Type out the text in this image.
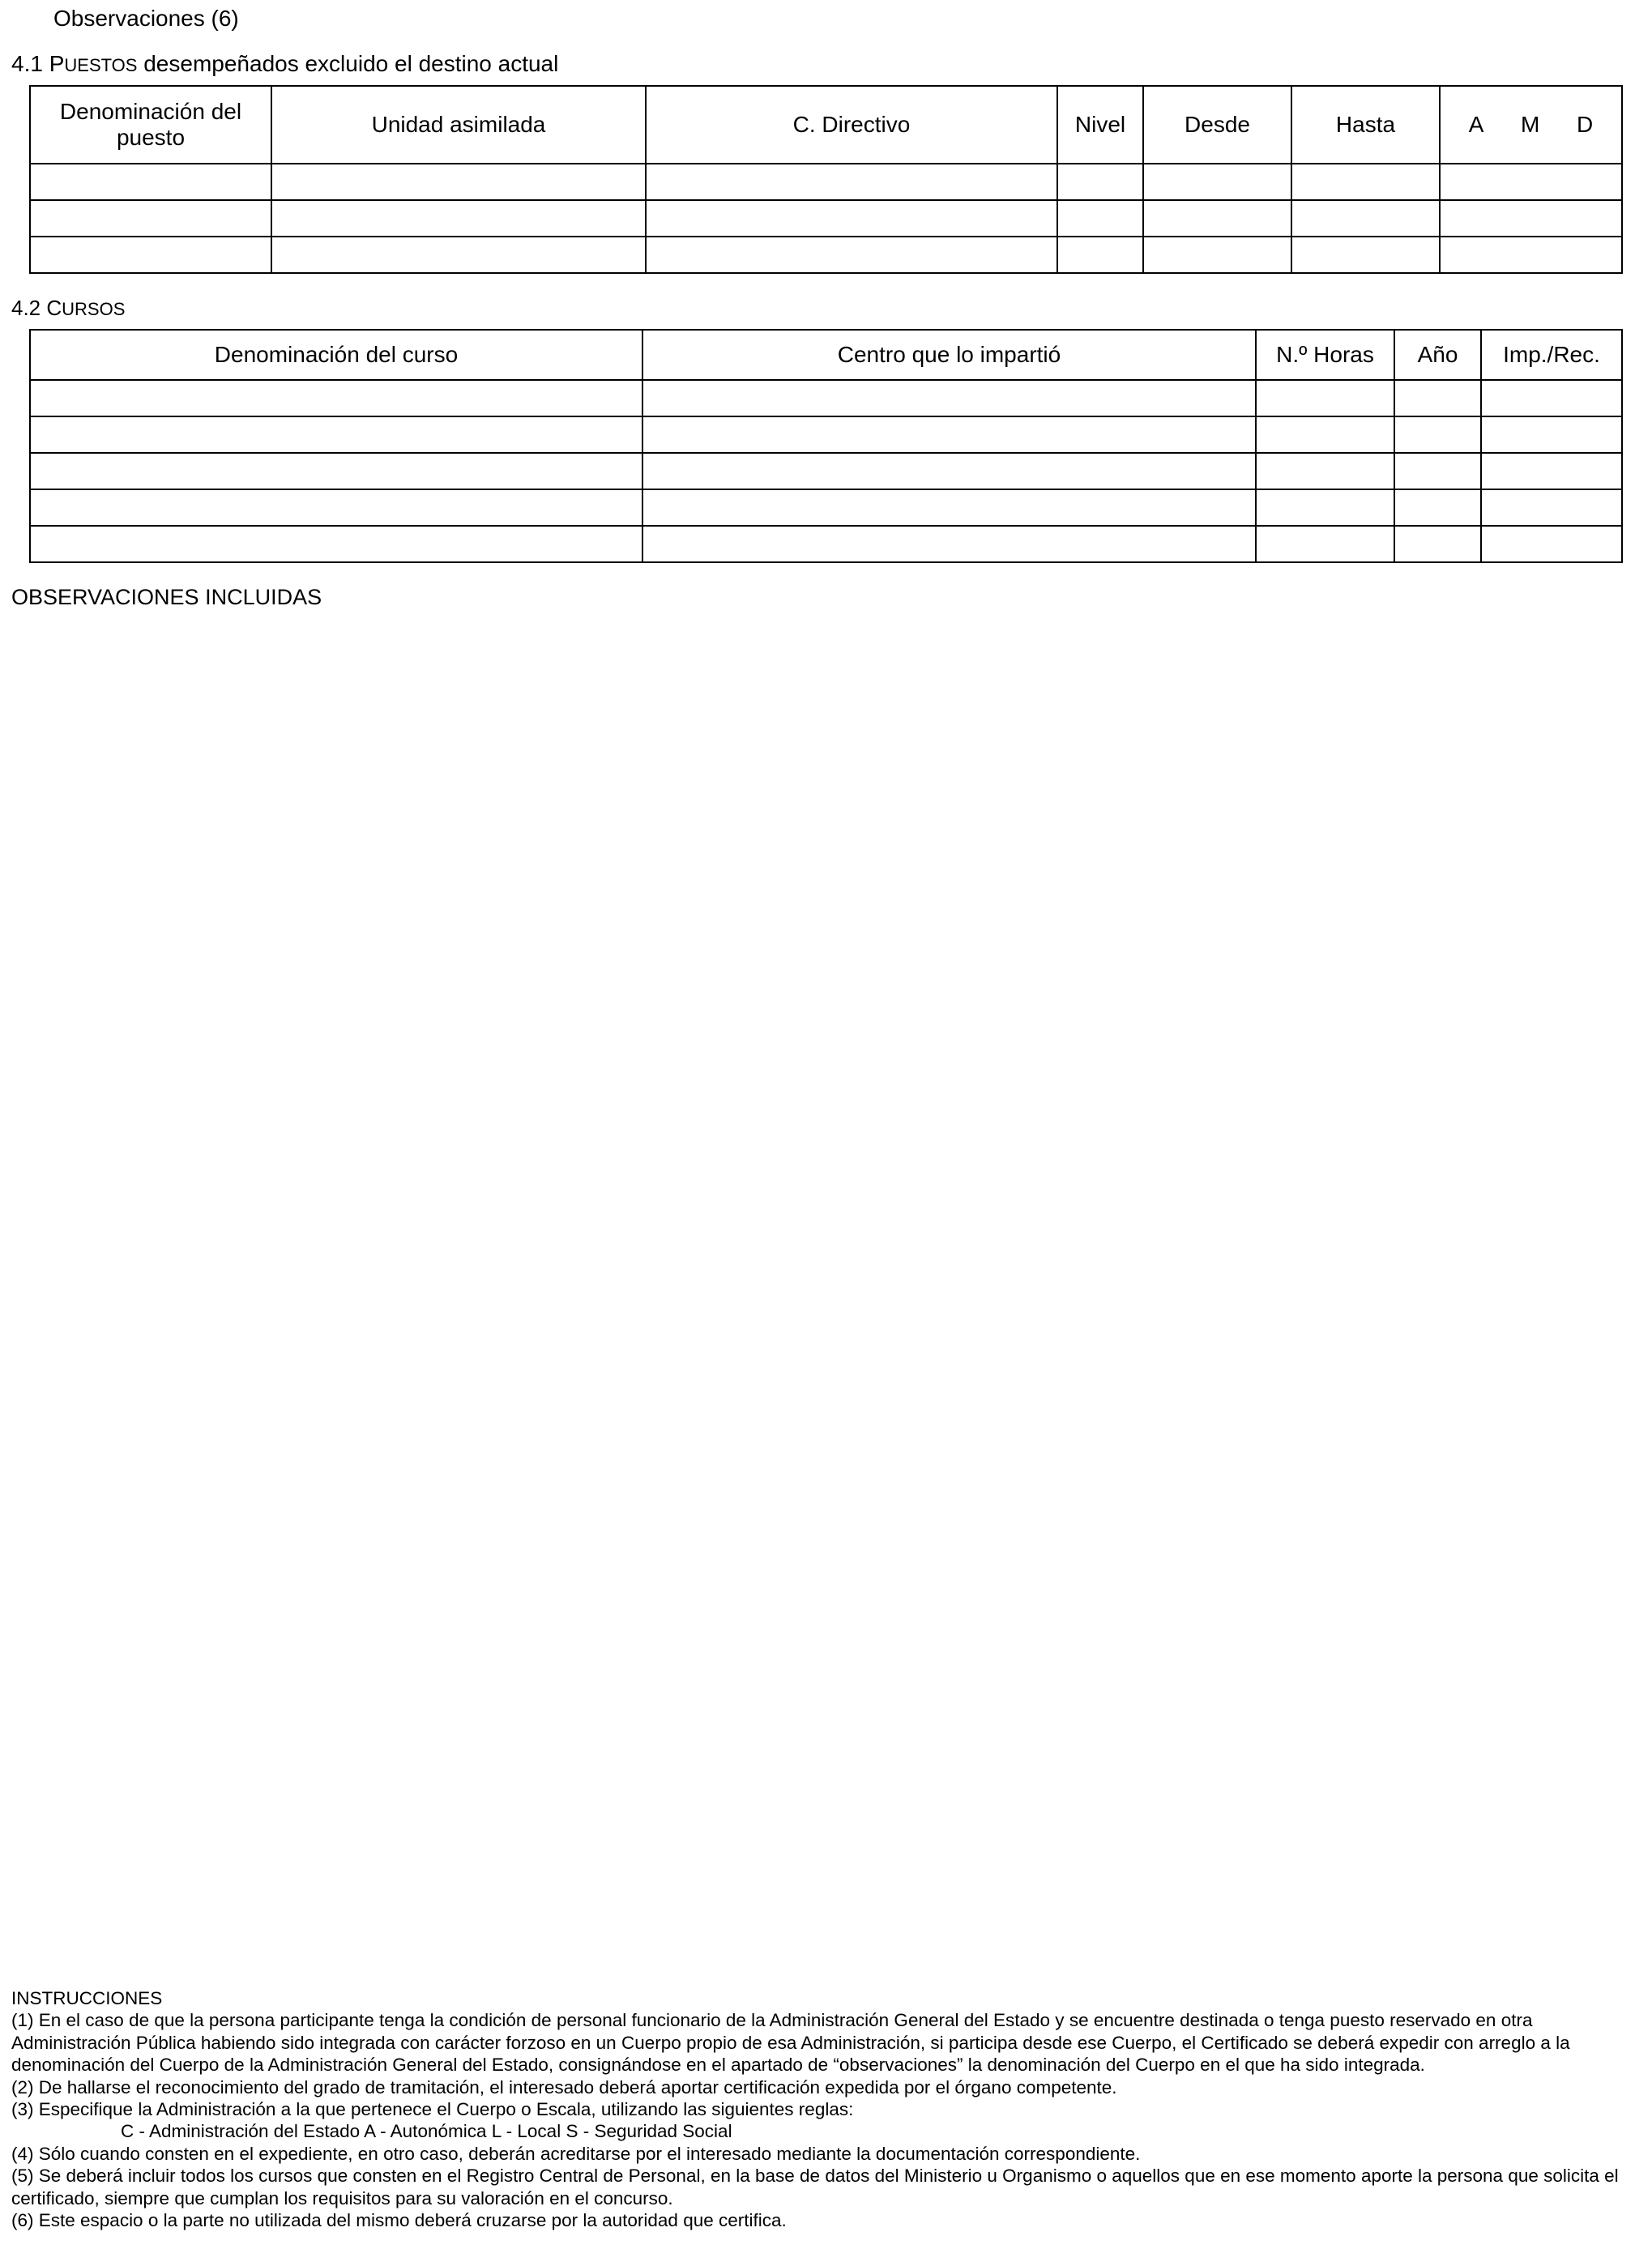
Observaciones (6)
4.1 PUESTOS desempeñados excluido el destino actual
Denominación del puesto	Unidad asimilada	C. Directivo	Nivel	Desde	Hasta	A M D

4.2 CURSOS
Denominación del curso	Centro que lo impartió	N.º Horas	Año	Imp./Rec.

OBSERVACIONES INCLUIDAS

INSTRUCCIONES

(1) En el caso de que la persona participante tenga la condición de personal funcionario de la Administración General del Estado y se encuentre destinada o tenga puesto reservado en otra Administración Pública habiendo sido integrada con carácter forzoso en un Cuerpo propio de esa Administración, si participa desde ese Cuerpo, el Certificado se deberá expedir con arreglo a la denominación del Cuerpo de la Administración General del Estado, consignándose en el apartado de “observaciones” la denominación del Cuerpo en el que ha sido integrada.

(2) De hallarse el reconocimiento del grado de tramitación, el interesado deberá aportar certificación expedida por el órgano competente.

(3) Especifique la Administración a la que pertenece el Cuerpo o Escala, utilizando las siguientes reglas:

C - Administración del Estado A - Autonómica L - Local S - Seguridad Social

(4) Sólo cuando consten en el expediente, en otro caso, deberán acreditarse por el interesado mediante la documentación correspondiente.

(5) Se deberá incluir todos los cursos que consten en el Registro Central de Personal, en la base de datos del Ministerio u Organismo o aquellos que en ese momento aporte la persona que solicita el certificado, siempre que cumplan los requisitos para su valoración en el concurso.

(6) Este espacio o la parte no utilizada del mismo deberá cruzarse por la autoridad que certifica.
